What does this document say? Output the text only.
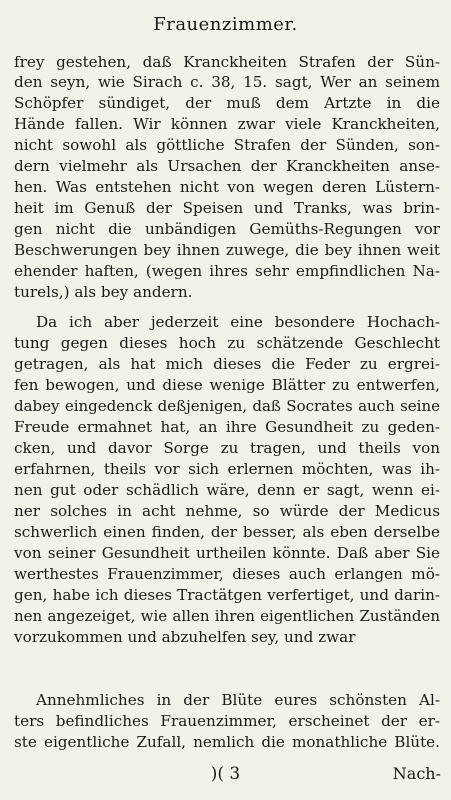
Frauenzimmer.
frey gestehen, daß Kranckheiten Strafen der Sün-
den seyn, wie Sirach c. 38, 15. sagt, Wer an seinem
Schöpfer sündiget, der muß dem Artzte in die
Hände fallen. Wir können zwar viele Kranckheiten,
nicht sowohl als göttliche Strafen der Sünden, son-
dern vielmehr als Ursachen der Kranckheiten anse-
hen. Was entstehen nicht von wegen deren Lüstern-
heit im Genuß der Speisen und Tranks, was brin-
gen nicht die unbändigen Gemüths-Regungen vor
Beschwerungen bey ihnen zuwege, die bey ihnen weit
ehender haften, (wegen ihres sehr empfindlichen Na-
turels,) als bey andern.
Da ich aber jederzeit eine besondere Hochach-
tung gegen dieses hoch zu schätzende Geschlecht
getragen, als hat mich dieses die Feder zu ergrei-
fen bewogen, und diese wenige Blätter zu entwerfen,
dabey eingedenck deßjenigen, daß Socrates auch seine
Freude ermahnet hat, an ihre Gesundheit zu geden-
cken, und davor Sorge zu tragen, und theils von
erfahrnen, theils vor sich erlernen möchten, was ih-
nen gut oder schädlich wäre, denn er sagt, wenn ei-
ner solches in acht nehme, so würde der Medicus
schwerlich einen finden, der besser, als eben derselbe
von seiner Gesundheit urtheilen könnte. Daß aber Sie
werthestes Frauenzimmer, dieses auch erlangen mö-
gen, habe ich dieses Tractätgen verfertiget, und darin-
nen angezeiget, wie allen ihren eigentlichen Zuständen
vorzukommen und abzuhelfen sey, und zwar
Annehmliches in der Blüte eures schönsten Al-
ters befindliches Frauenzimmer, erscheinet der er-
ste eigentliche Zufall, nemlich die monathliche Blüte.
)( 3	Nach-
